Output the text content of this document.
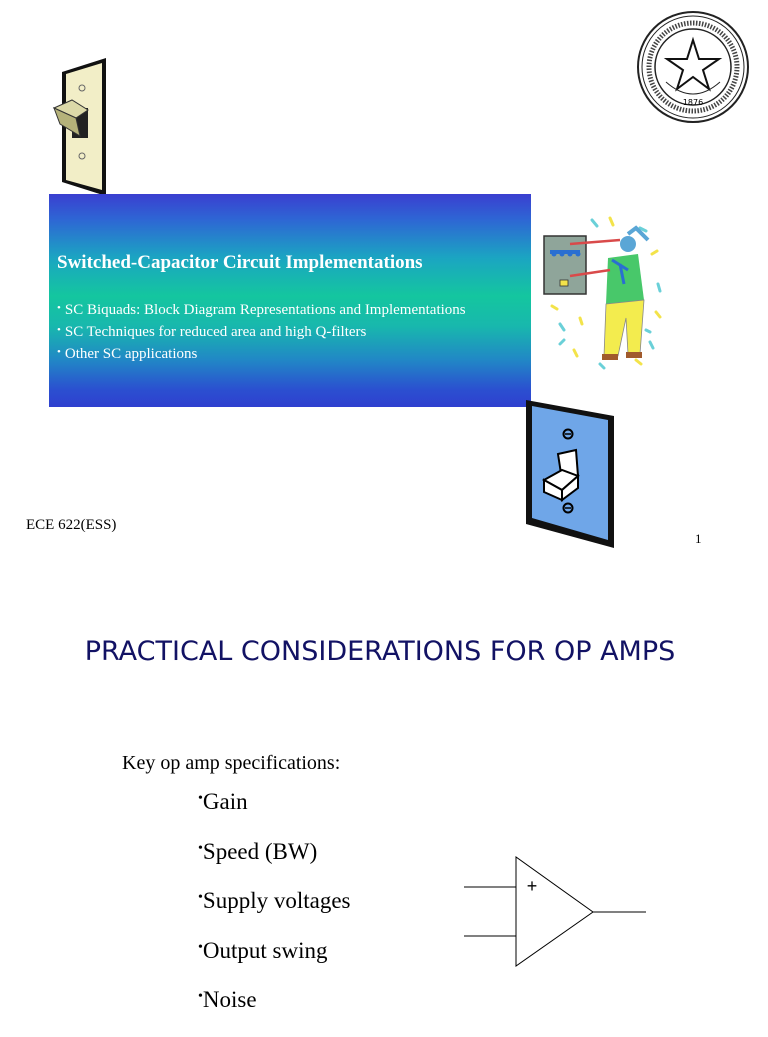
1876
Switched-Capacitor Circuit Implementations
• SC Biquads: Block Diagram Representations and Implementations
• SC Techniques for reduced area and high Q-filters
• Other SC applications
ECE 622(ESS)
1
PRACTICAL CONSIDERATIONS FOR OP AMPS
Key op amp specifications:
•Gain
•Speed (BW)
•Supply voltages
•Output swing
•Noise
+
